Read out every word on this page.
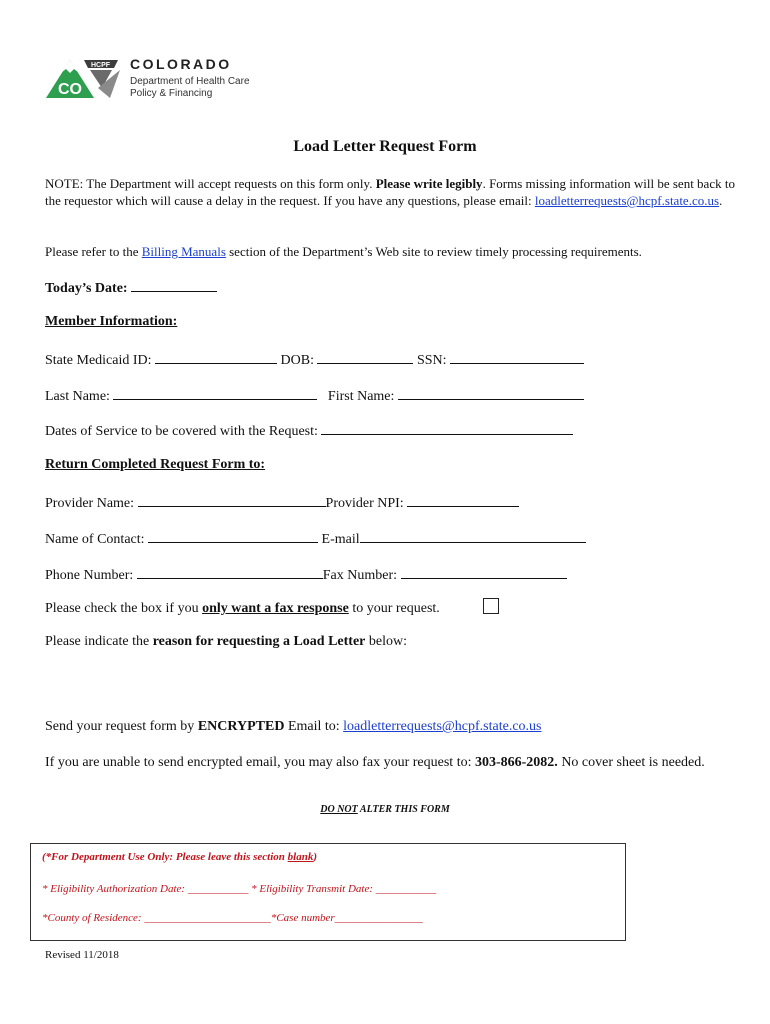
CO
HCPF COLORADO
Department of Health Care
Policy & Financing
Load Letter Request Form
NOTE: The Department will accept requests on this form only. Please write legibly. Forms missing information will be sent back to the requestor which will cause a delay in the request. If you have any questions, please email: loadletterrequests@hcpf.state.co.us.
Please refer to the Billing Manuals section of the Department’s Web site to review timely processing requirements.
Today’s Date:
Member Information:
State Medicaid ID:	DOB:	SSN:
Last Name:	First Name:
Dates of Service to be covered with the Request:
Return Completed Request Form to:
Provider Name:	Provider NPI:
Name of Contact:	E-mail
Phone Number:	Fax Number:
Please check the box if you only want a fax response to your request.
Please indicate the reason for requesting a Load Letter below:
Send your request form by ENCRYPTED Email to: loadletterrequests@hcpf.state.co.us
If you are unable to send encrypted email, you may also fax your request to: 303-866-2082. No cover sheet is needed.
DO NOT ALTER THIS FORM
(*For Department Use Only: Please leave this section blank)
* Eligibility Authorization Date: ___________ * Eligibility Transmit Date: ___________
*County of Residence: _______________________*Case number________________
Revised 11/2018
